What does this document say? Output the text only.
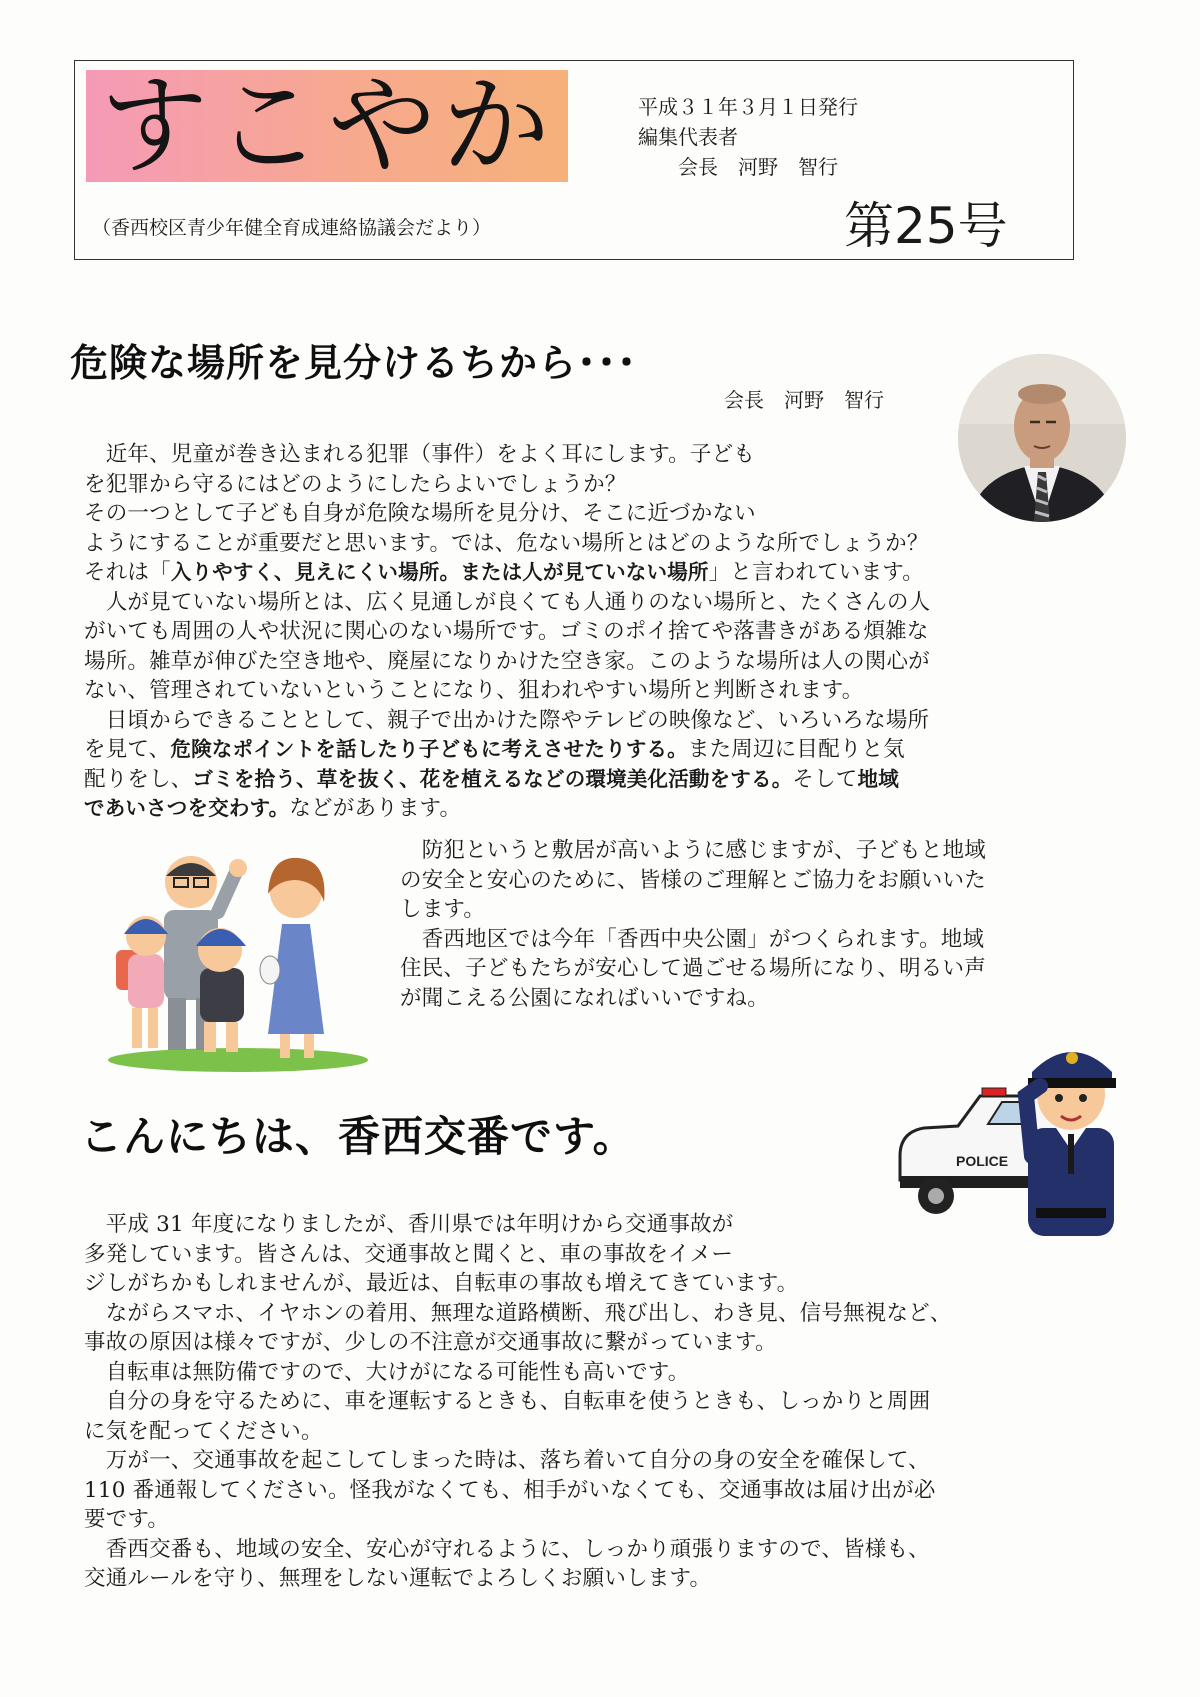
すこやか
（香西校区青少年健全育成連絡協議会だより）
平成３１年３月１日発行
編集代表者
　　会長　河野　智行
第25号
危険な場所を見分けるちから･･･
会長　河野　智行
　近年、児童が巻き込まれる犯罪（事件）をよく耳にします。子ども
を犯罪から守るにはどのようにしたらよいでしょうか？
その一つとして子ども自身が危険な場所を見分け、そこに近づかない
ようにすることが重要だと思います。では、危ない場所とはどのような所でしょうか？
それは「入りやすく、見えにくい場所。または人が見ていない場所」と言われています。
　人が見ていない場所とは、広く見通しが良くても人通りのない場所と、たくさんの人
がいても周囲の人や状況に関心のない場所です。ゴミのポイ捨てや落書きがある煩雑な
場所。雑草が伸びた空き地や、廃屋になりかけた空き家。このような場所は人の関心が
ない、管理されていないということになり、狙われやすい場所と判断されます。
　日頃からできることとして、親子で出かけた際やテレビの映像など、いろいろな場所
を見て、危険なポイントを話したり子どもに考えさせたりする。また周辺に目配りと気
配りをし、ゴミを拾う、草を抜く、花を植えるなどの環境美化活動をする。そして地域
であいさつを交わす。などがあります。
　防犯というと敷居が高いように感じますが、子どもと地域
の安全と安心のために、皆様のご理解とご協力をお願いいた
します。
　香西地区では今年「香西中央公園」がつくられます。地域
住民、子どもたちが安心して過ごせる場所になり、明るい声
が聞こえる公園になればいいですね。
こんにちは、香西交番です。	POLICE
　平成 31 年度になりましたが、香川県では年明けから交通事故が
多発しています。皆さんは、交通事故と聞くと、車の事故をイメー
ジしがちかもしれませんが、最近は、自転車の事故も増えてきています。
　ながらスマホ、イヤホンの着用、無理な道路横断、飛び出し、わき見、信号無視など、
事故の原因は様々ですが、少しの不注意が交通事故に繋がっています。
　自転車は無防備ですので、大けがになる可能性も高いです。
　自分の身を守るために、車を運転するときも、自転車を使うときも、しっかりと周囲
に気を配ってください。
　万が一、交通事故を起こしてしまった時は、落ち着いて自分の身の安全を確保して、
110 番通報してください。怪我がなくても、相手がいなくても、交通事故は届け出が必
要です。
　香西交番も、地域の安全、安心が守れるように、しっかり頑張りますので、皆様も、
交通ルールを守り、無理をしない運転でよろしくお願いします。
